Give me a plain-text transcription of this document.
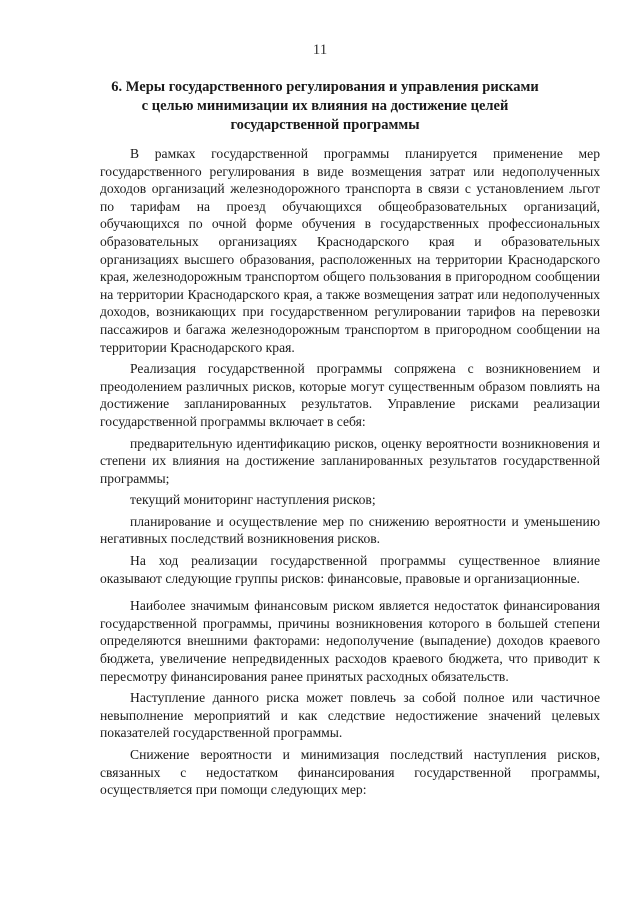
11
6. Меры государственного регулирования и управления рисками
с целью минимизации их влияния на достижение целей
государственной программы

В рамках государственной программы планируется применение мер государственного регулирования в виде возмещения затрат или недополученных доходов организаций железнодорожного транспорта в связи с установлением льгот по тарифам на проезд обучающихся общеобразовательных организаций, обучающихся по очной форме обучения в государственных профессиональных образовательных организациях Краснодарского края и образовательных организациях высшего образования, расположенных на территории Краснодарского края, железнодорожным транспортом общего пользования в пригородном сообщении на территории Краснодарского края, а также возмещения затрат или недополученных доходов, возникающих при государственном регулировании тарифов на перевозки пассажиров и багажа железнодорожным транспортом в пригородном сообщении на территории Краснодарского края.

Реализация государственной программы сопряжена с возникновением и преодолением различных рисков, которые могут существенным образом повлиять на достижение запланированных результатов. Управление рисками реализации государственной программы включает в себя:

предварительную идентификацию рисков, оценку вероятности возникновения и степени их влияния на достижение запланированных результатов государственной программы;

текущий мониторинг наступления рисков;

планирование и осуществление мер по снижению вероятности и уменьшению негативных последствий возникновения рисков.

На ход реализации государственной программы существенное влияние оказывают следующие группы рисков: финансовые, правовые и организационные.

Наиболее значимым финансовым риском является недостаток финансирования государственной программы, причины возникновения которого в большей степени определяются внешними факторами: недополучение (выпадение) доходов краевого бюджета, увеличение непредвиденных расходов краевого бюджета, что приводит к пересмотру финансирования ранее принятых расходных обязательств.

Наступление данного риска может повлечь за собой полное или частичное невыполнение мероприятий и как следствие недостижение значений целевых показателей государственной программы.

Снижение вероятности и минимизация последствий наступления рисков, связанных с недостатком финансирования государственной программы, осуществляется при помощи следующих мер:
